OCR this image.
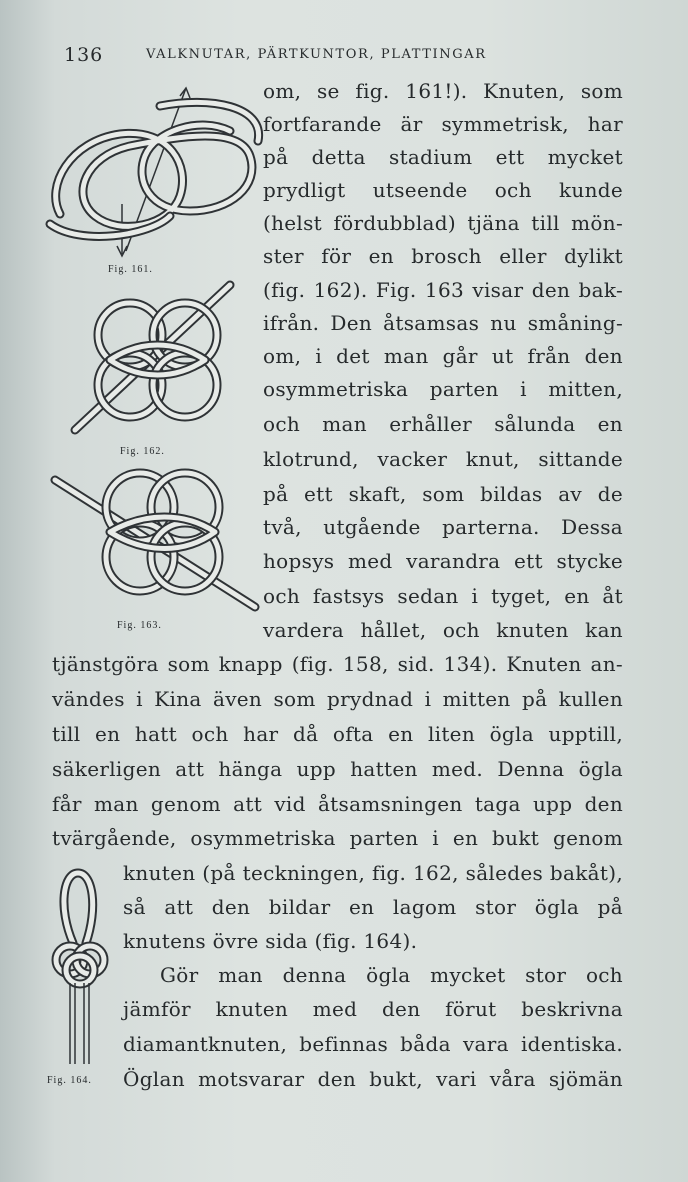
136	VALKNUTAR, PÄRTKUNTOR, PLATTINGAR
Fig. 161.
Fig. 162.
Fig. 163.
Fig. 164.
om, se fig. 161!). Knuten, som
fortfarande är symmetrisk, har
på detta stadium ett mycket
prydligt utseende och kunde
(helst fördubblad) tjäna till mön-
ster för en brosch eller dylikt
(fig. 162). Fig. 163 visar den bak-
ifrån. Den åtsamsas nu småning-
om, i det man går ut från den
osymmetriska parten i mitten,
och man erhåller sålunda en
klotrund, vacker knut, sittande
på ett skaft, som bildas av de
två, utgående parterna. Dessa
hopsys med varandra ett stycke
och fastsys sedan i tyget, en åt
vardera hållet, och knuten kan
tjänstgöra som knapp (fig. 158, sid. 134). Knuten an-
vändes i Kina även som prydnad i mitten på kullen
till en hatt och har då ofta en liten ögla upptill,
säkerligen att hänga upp hatten med. Denna ögla
får man genom att vid åtsamsningen taga upp den
tvärgående, osymmetriska parten i en bukt genom
knuten (på teckningen, fig. 162, således bakåt),
så att den bildar en lagom stor ögla på
knutens övre sida (fig. 164).
Gör man denna ögla mycket stor och
jämför knuten med den förut beskrivna
diamantknuten, befinnas båda vara identiska.
Öglan motsvarar den bukt, vari våra sjömän
